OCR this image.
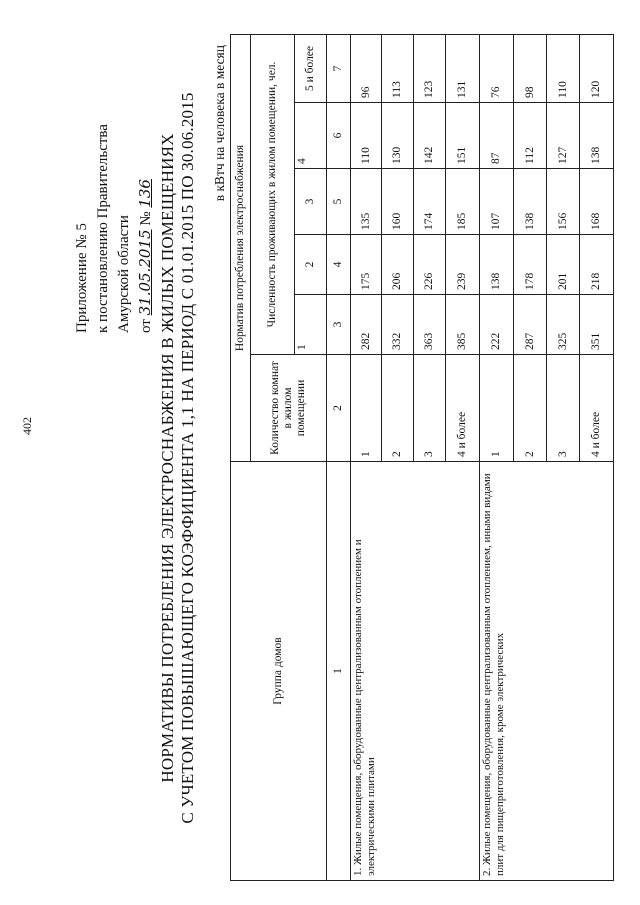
402
Приложение № 5 к постановлению Правительства Амурской области от 31.05.2015 № 136 НОРМАТИВЫ ПОТРЕБЛЕНИЯ ЭЛЕКТРОСНАБЖЕНИЯ В ЖИЛЫХ ПОМЕЩЕНИЯХ С УЧЕТОМ ПОВЫШАЮЩЕГО КОЭФФИЦИЕНТА 1,1 НА ПЕРИОД С 01.01.2015 ПО 30.06.2015 в кВтч на человека в месяц
Группа домов	Норматив потребления электроснабжения					
	Количество комнат в жилом помещении	Численность проживающих в жилом помещении, чел.				
		1	2	3	4	5 и более
1	2	3	4	5	6	7
1. Жилые помещения, оборудованные централизованным отоплением и электрическими плитами	1	282	175	135	110	96
	2	332	206	160	130	113
	3	363	226	174	142	123
	4 и более	385	239	185	151	131
2. Жилые помещения, оборудованные централизованным отоплением, иными видами плит для пищеприготовления, кроме электрических	1	222	138	107	87	76
	2	287	178	138	112	98
	3	325	201	156	127	110
	4 и более	351	218	168	138	120
